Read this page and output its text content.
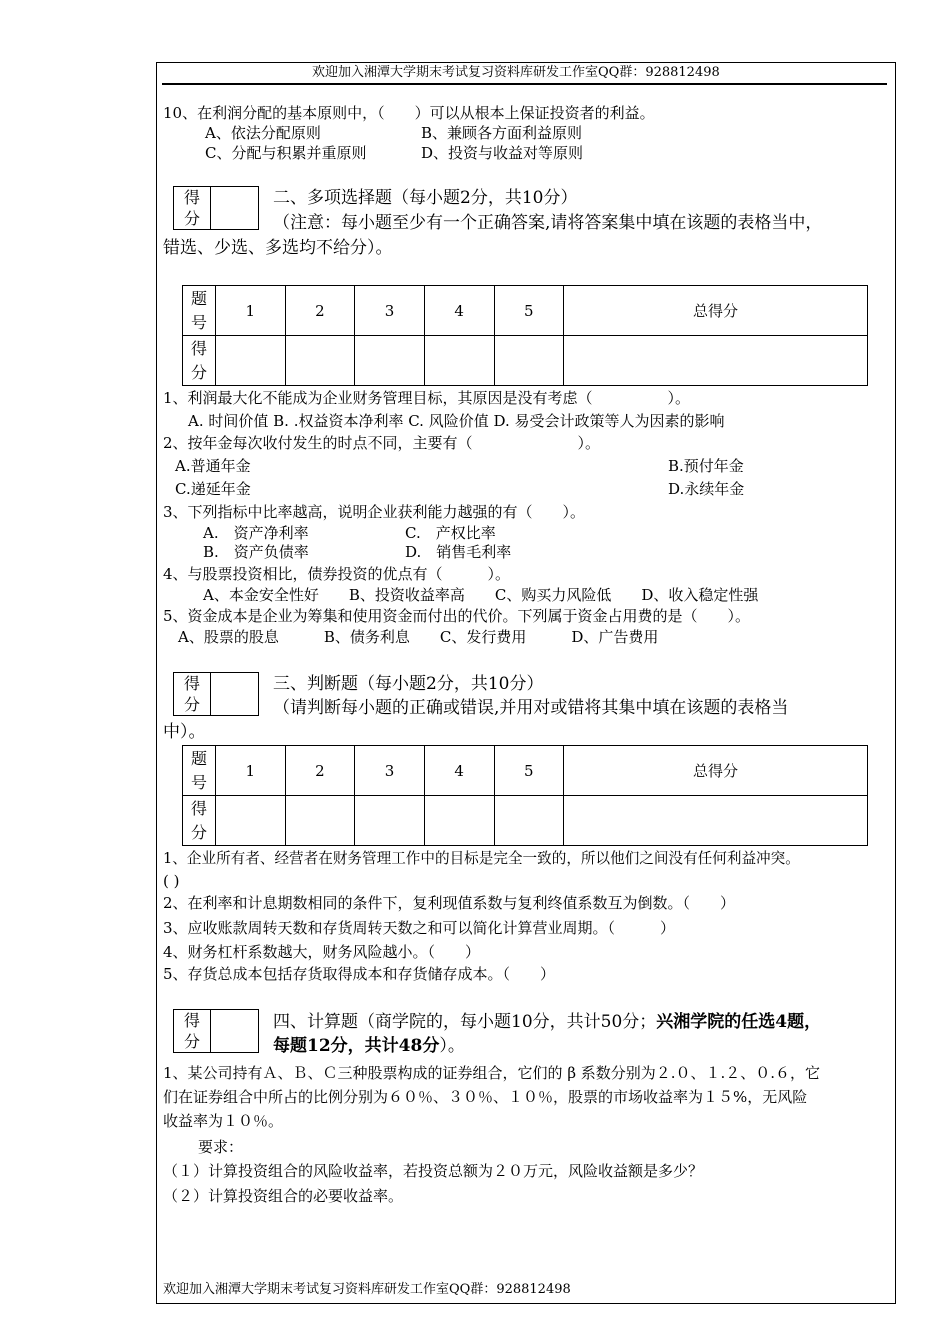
欢迎加入湘潭大学期末考试复习资料库研发工作室QQ群：928812498
10、在利润分配的基本原则中，（　　）可以从根本上保证投资者的利益。
A、依法分配原则	B、兼顾各方面利益原则
C、分配与积累并重原则	D、投资与收益对等原则
得
分
二、多项选择题（每小题2分，共10分）
（注意：每小题至少有一个正确答案,请将答案集中填在该题的表格当中，
错选、少选、多选均不给分）。
题
号	1	2	3	4	5	总得分
得
分						
1、利润最大化不能成为企业财务管理目标，其原因是没有考虑（　　　　　）。
A. 时间价值 B. .权益资本净利率 C. 风险价值 D. 易受会计政策等人为因素的影响
2、按年金每次收付发生的时点不同，主要有（　　　　　　　）。
A.普通年金	B.预付年金
C.递延年金	D.永续年金
3、下列指标中比率越高，说明企业获利能力越强的有（　　）。
A.　资产净利率	C.　产权比率
B.　资产负债率	D.　销售毛利率
4、与股票投资相比，债券投资的优点有（　　　）。
A、本金安全性好　　B、投资收益率高　　C、购买力风险低　　D、收入稳定性强
5、资金成本是企业为筹集和使用资金而付出的代价。下列属于资金占用费的是（　　）。
A、股票的股息　　　B、债务利息　　C、发行费用　　　D、广告费用
得
分
三、判断题（每小题2分，共10分）
（请判断每小题的正确或错误,并用对或错将其集中填在该题的表格当
中）。
题
号	1	2	3	4	5	总得分
得
分						
1、企业所有者、经营者在财务管理工作中的目标是完全一致的，所以他们之间没有任何利益冲突。
( )
2、在利率和计息期数相同的条件下，复利现值系数与复利终值系数互为倒数。（　　）
3、应收账款周转天数和存货周转天数之和可以简化计算营业周期。（　　　）
4、财务杠杆系数越大，财务风险越小。（　　）
5、存货总成本包括存货取得成本和存货储存成本。（　　）
得
分
四、计算题（商学院的，每小题10分，共计50分；兴湘学院的任选4题，
每题12分，共计48分）。
1、某公司持有Ａ、Ｂ、Ｃ三种股票构成的证券组合，它们的 β 系数分别为２.０、１.２、０.６，它
们在证券组合中所占的比例分别为６０％、３０％、１０％，股票的市场收益率为１５%，无风险
收益率为１０％。
要求：
（１）计算投资组合的风险收益率，若投资总额为２０万元，风险收益额是多少？
（２）计算投资组合的必要收益率。
欢迎加入湘潭大学期末考试复习资料库研发工作室QQ群：928812498
